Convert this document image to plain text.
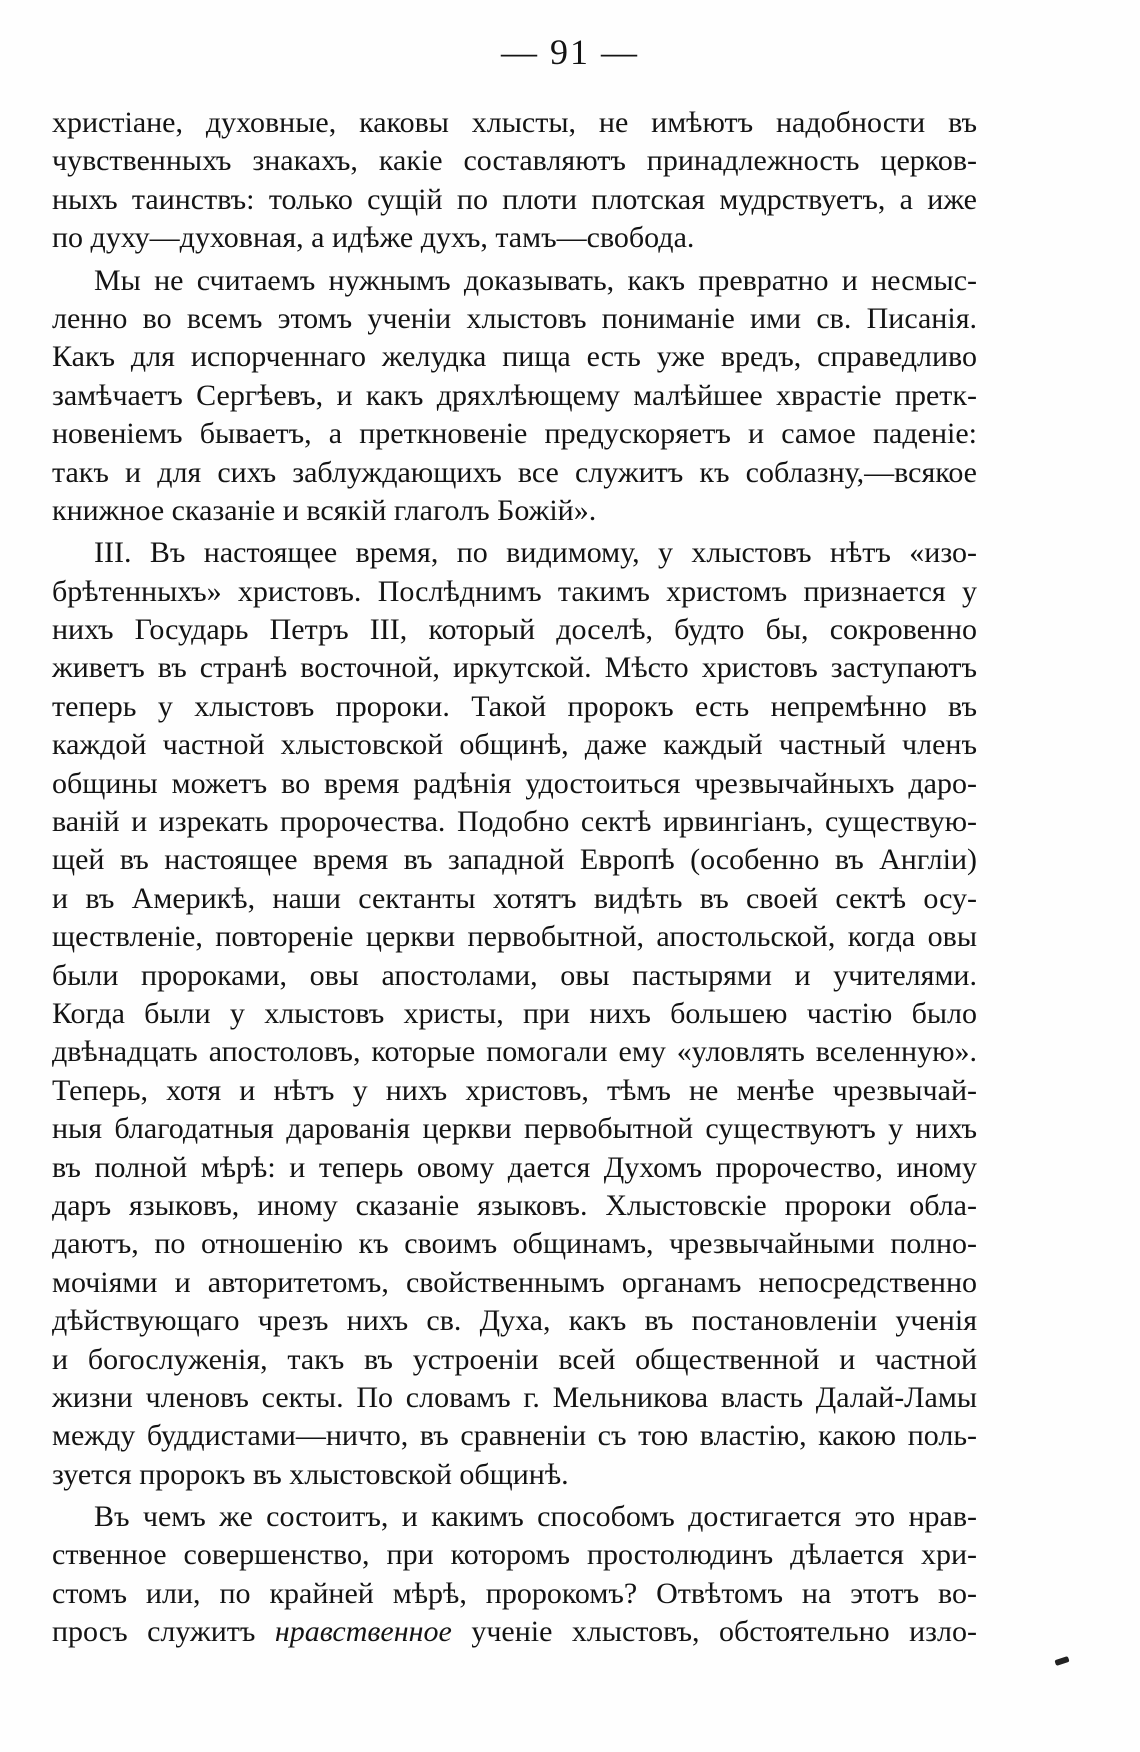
— 91 —
христiане, духовные, каковы хлысты, не имѣютъ надобности въ
чувственныхъ знакахъ, какiе составляютъ принадлежность церков-
ныхъ таинствъ: только сущiй по плоти плотская мудрствуетъ, а иже
по духу—духовная, а идѣже духъ, тамъ—свобода.
Мы не считаемъ нужнымъ доказывать, какъ превратно и несмыс-
ленно во всемъ этомъ ученiи хлыстовъ пониманiе ими св. Писанiя.
Какъ для испорченнаго желудка пища есть уже вредъ, справедливо
замѣчаетъ Сергѣевъ, и какъ дряхлѣющему малѣйшее хврастiе претк-
новенiемъ бываетъ, а преткновенiе предускоряетъ и самое паденiе:
такъ и для сихъ заблуждающихъ все служитъ къ соблазну,—всякое
книжное сказанiе и всякiй глаголъ Божiй».
III. Въ настоящее время, по видимому, у хлыстовъ нѣтъ «изо-
брѣтенныхъ» христовъ. Послѣднимъ такимъ христомъ признается у
нихъ Государь Петръ III, который доселѣ, будто бы, сокровенно
живетъ въ странѣ восточной, иркутской. Мѣсто христовъ заступаютъ
теперь у хлыстовъ пророки. Такой пророкъ есть непремѣнно въ
каждой частной хлыстовской общинѣ, даже каждый частный членъ
общины можетъ во время радѣнiя удостоиться чрезвычайныхъ даро-
ванiй и изрекать пророчества. Подобно сектѣ ирвингiанъ, существую-
щей въ настоящее время въ западной Европѣ (особенно въ Англiи)
и въ Америкѣ, наши сектанты хотятъ видѣть въ своей сектѣ осу-
ществленiе, повторенiе церкви первобытной, апостольской, когда овы
были пророками, овы апостолами, овы пастырями и учителями.
Когда были у хлыстовъ христы, при нихъ большею частiю было
двѣнадцать апостоловъ, которые помогали ему «уловлять вселенную».
Теперь, хотя и нѣтъ у нихъ христовъ, тѣмъ не менѣе чрезвычай-
ныя благодатныя дарованiя церкви первобытной существуютъ у нихъ
въ полной мѣрѣ: и теперь овому дается Духомъ пророчество, иному
даръ языковъ, иному сказанiе языковъ. Хлыстовскiе пророки обла-
даютъ, по отношенiю къ своимъ общинамъ, чрезвычайными полно-
мочiями и авторитетомъ, свойственнымъ органамъ непосредственно
дѣйствующаго чрезъ нихъ св. Духа, какъ въ постановленiи ученiя
и богослуженiя, такъ въ устроенiи всей общественной и частной
жизни членовъ секты. По словамъ г. Мельникова власть Далай-Ламы
между буддистами—ничто, въ сравненiи съ тою властiю, какою поль-
зуется пророкъ въ хлыстовской общинѣ.
Въ чемъ же состоитъ, и какимъ способомъ достигается это нрав-
ственное совершенство, при которомъ простолюдинъ дѣлается хри-
стомъ или, по крайней мѣрѣ, пророкомъ? Отвѣтомъ на этотъ во-
просъ служитъ нравственное ученiе хлыстовъ, обстоятельно изло-
